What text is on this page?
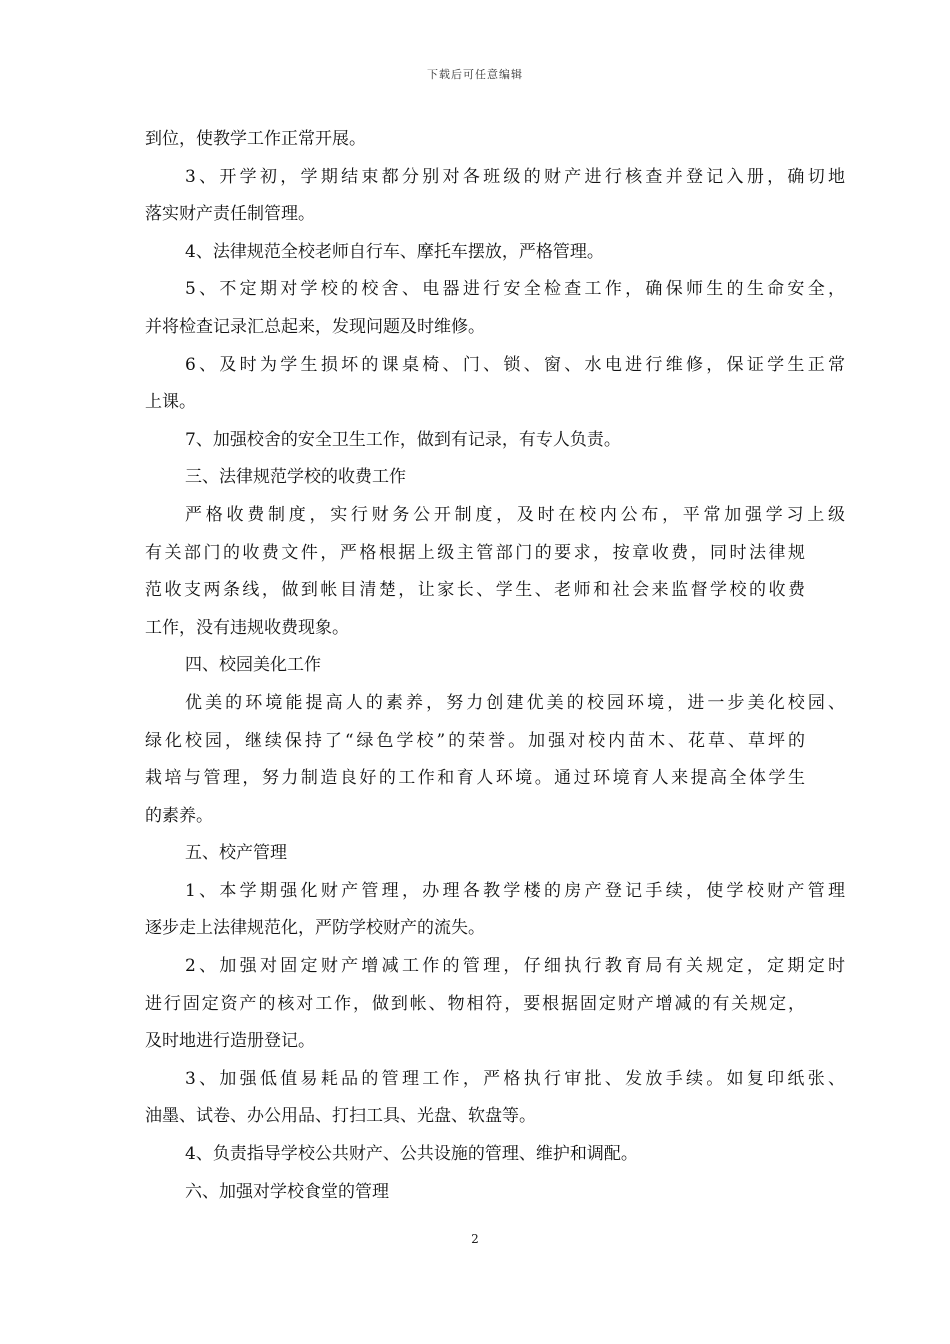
下载后可任意编辑
到位，使教学工作正常开展。
3、开学初，学期结束都分别对各班级的财产进行核查并登记入册，确切地
落实财产责任制管理。
4、法律规范全校老师自行车、摩托车摆放，严格管理。
5、不定期对学校的校舍、电器进行安全检查工作，确保师生的生命安全，
并将检查记录汇总起来，发现问题及时维修。
6、及时为学生损坏的课桌椅、门、锁、窗、水电进行维修，保证学生正常
上课。
7、加强校舍的安全卫生工作，做到有记录，有专人负责。
三、法律规范学校的收费工作
严格收费制度，实行财务公开制度，及时在校内公布，平常加强学习上级
有关部门的收费文件，严格根据上级主管部门的要求，按章收费，同时法律规
范收支两条线，做到帐目清楚，让家长、学生、老师和社会来监督学校的收费
工作，没有违规收费现象。
四、校园美化工作
优美的环境能提高人的素养，努力创建优美的校园环境，进一步美化校园、
绿化校园，继续保持了“绿色学校”的荣誉。加强对校内苗木、花草、草坪的
栽培与管理，努力制造良好的工作和育人环境。通过环境育人来提高全体学生
的素养。
五、校产管理
1、本学期强化财产管理，办理各教学楼的房产登记手续，使学校财产管理
逐步走上法律规范化，严防学校财产的流失。
2、加强对固定财产增减工作的管理，仔细执行教育局有关规定，定期定时
进行固定资产的核对工作，做到帐、物相符，要根据固定财产增减的有关规定，
及时地进行造册登记。
3、加强低值易耗品的管理工作，严格执行审批、发放手续。如复印纸张、
油墨、试卷、办公用品、打扫工具、光盘、软盘等。
4、负责指导学校公共财产、公共设施的管理、维护和调配。
六、加强对学校食堂的管理
2
